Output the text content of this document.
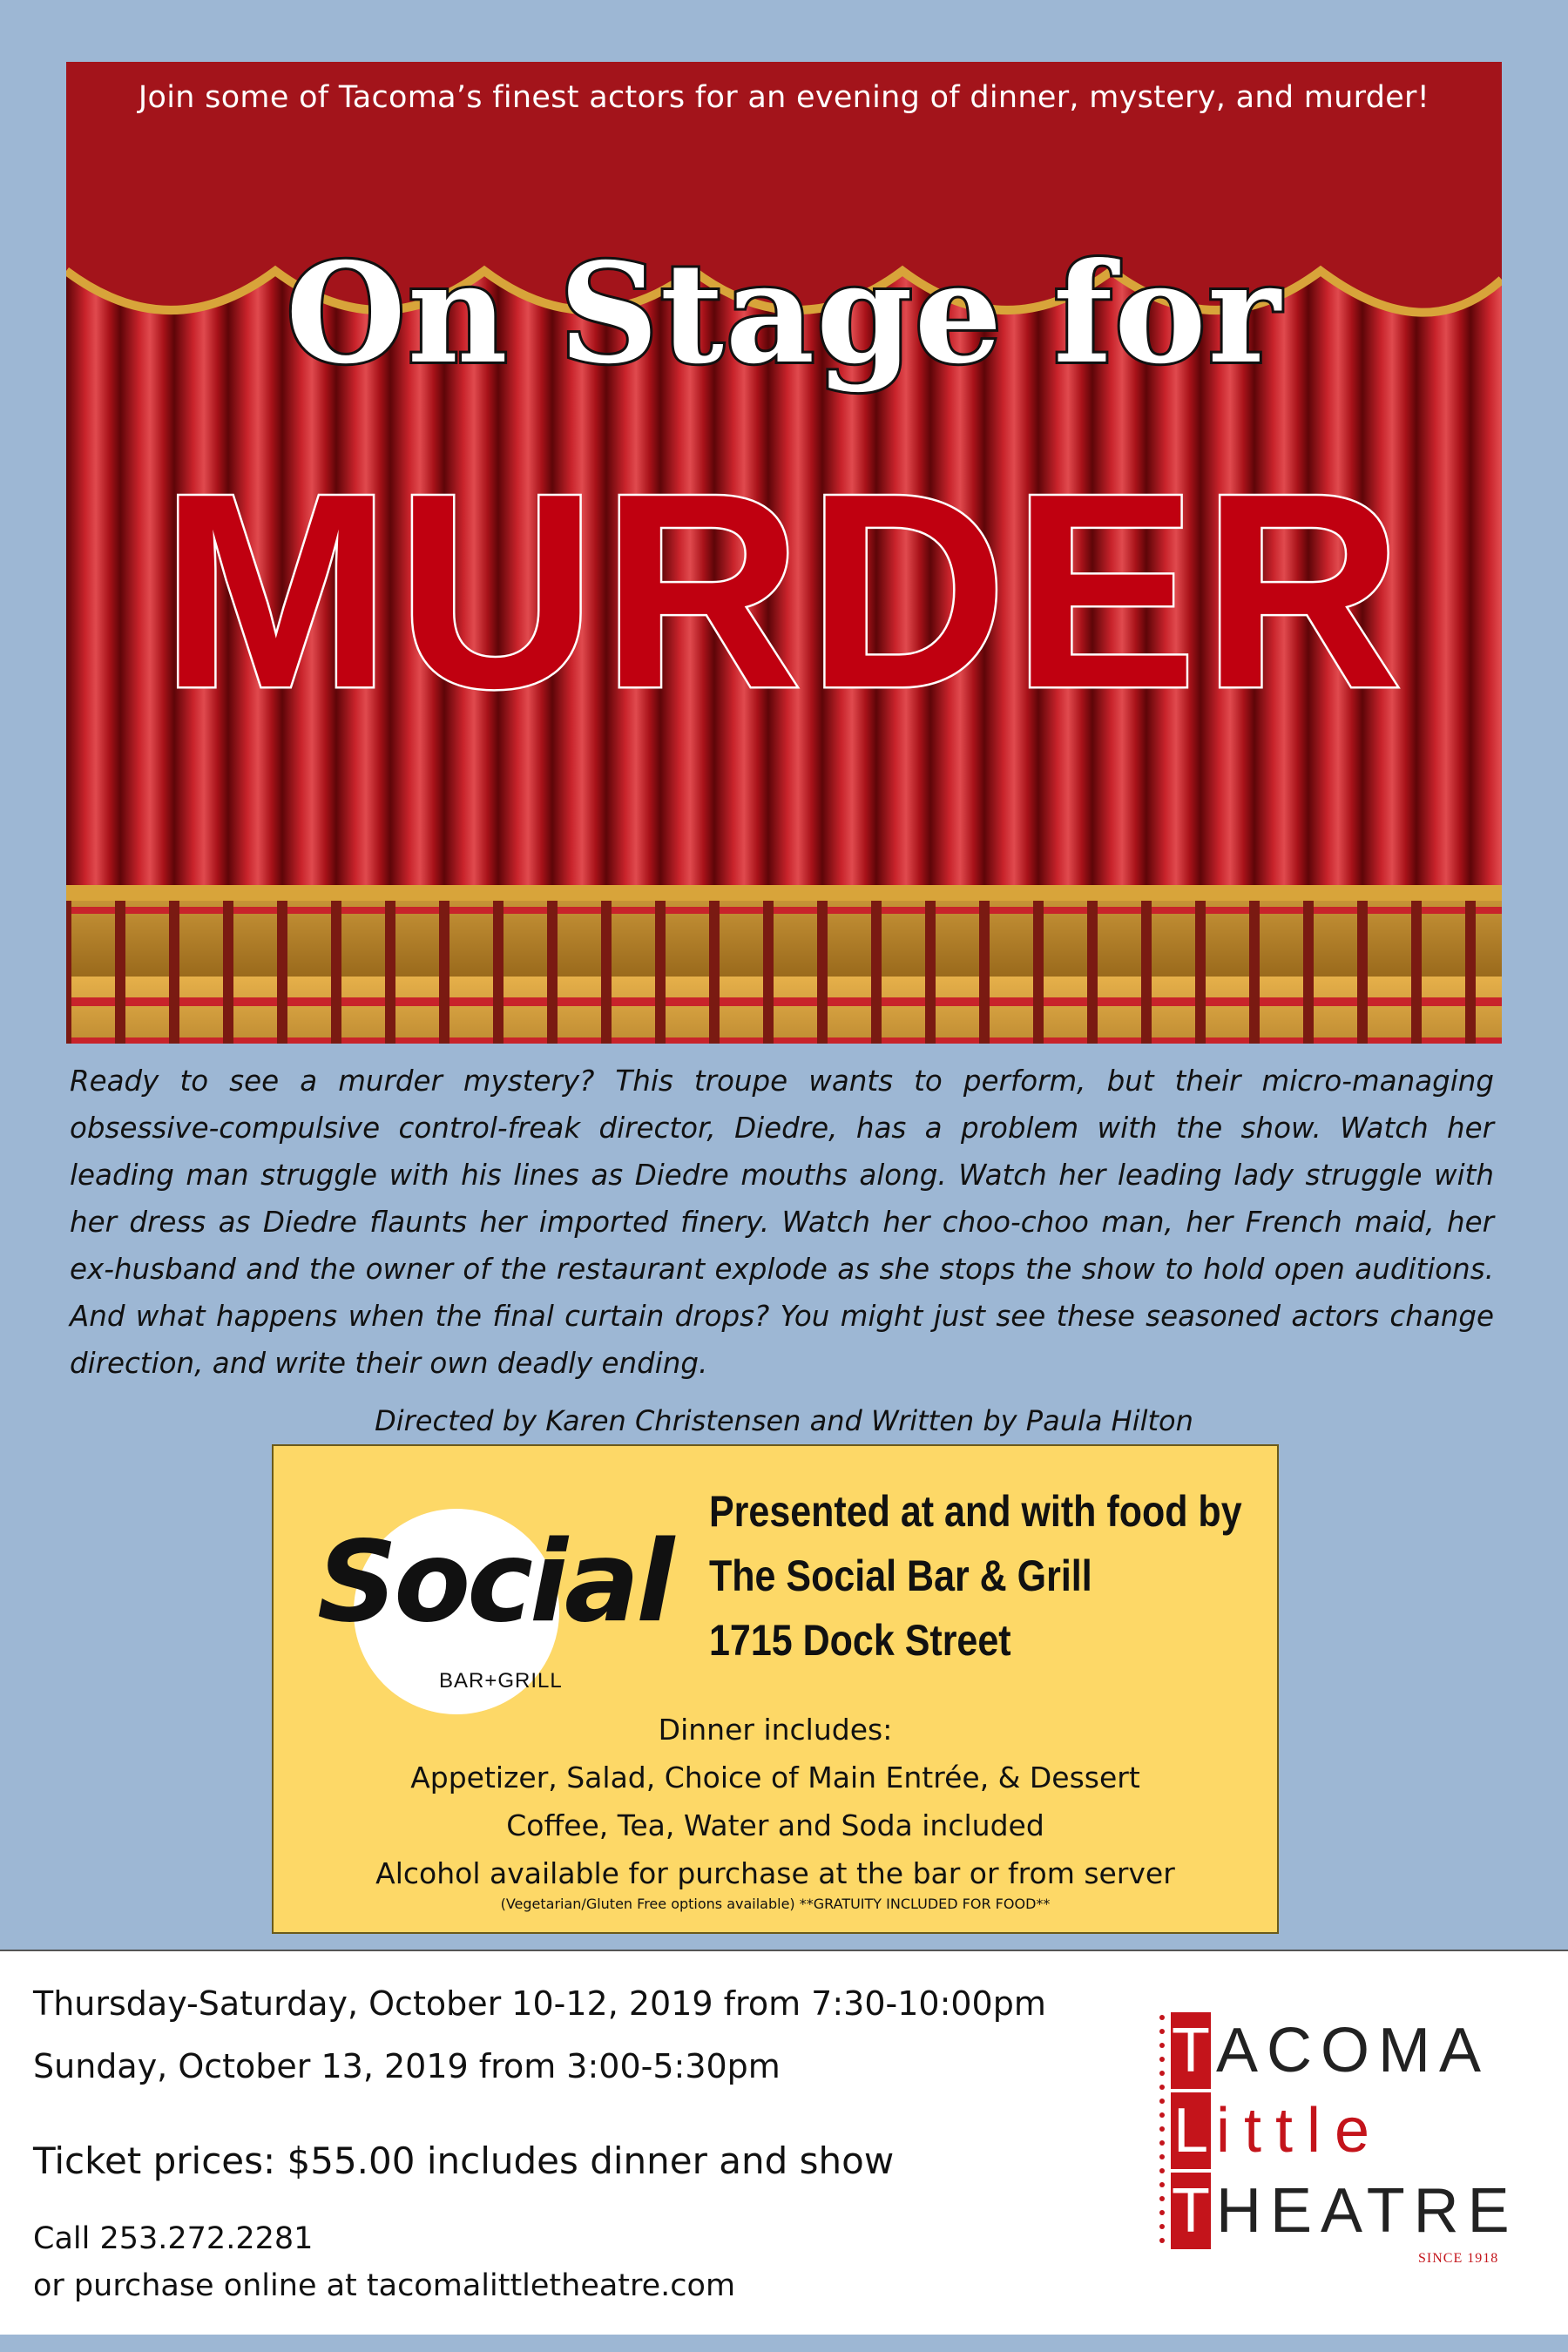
Join some of Tacoma’s finest actors for an evening of dinner, mystery, and murder!
On Stage for
MURDER
Ready to see a murder mystery? This troupe wants to perform, but their micro-managing obsessive-compulsive control-freak director, Diedre, has a problem with the show. Watch her leading man struggle with his lines as Diedre mouths along. Watch her leading lady struggle with her dress as Diedre flaunts her imported finery. Watch her choo-choo man, her French maid, her ex-husband and the owner of the restaurant explode as she stops the show to hold open auditions. And what happens when the final curtain drops? You might just see these seasoned actors change direction, and write their own deadly ending.
Directed by Karen Christensen and Written by Paula Hilton
Social
BAR+GRILL
Presented at and with food by
The Social Bar & Grill
1715 Dock Street
Dinner includes:
Appetizer, Salad, Choice of Main Entrée, & Dessert
Coffee, Tea, Water and Soda included
Alcohol available for purchase at the bar or from server
(Vegetarian/Gluten Free options available) **GRATUITY INCLUDED FOR FOOD**
Thursday-Saturday, October 10-12, 2019 from 7:30-10:00pm
Sunday, October 13, 2019 from 3:00-5:30pm
Ticket prices: $55.00 includes dinner and show
Call 253.272.2281
or purchase online at tacomalittletheatre.com
T ACOMA
L ittle
T HEATRE
SINCE 1918
